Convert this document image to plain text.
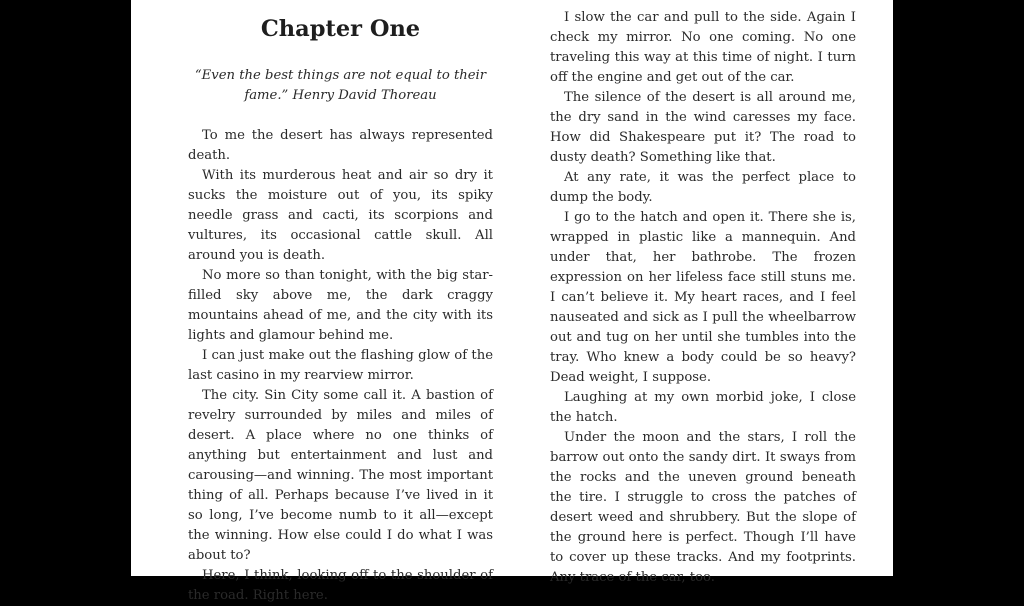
Chapter One
“Even the best things are not equal to their fame.” Henry David Thoreau

To me the desert has always represented death.

With its murderous heat and air so dry it sucks the moisture out of you, its spiky needle grass and cacti, its scorpions and vultures, its occasional cattle skull. All around you is death.

No more so than tonight, with the big star-filled sky above me, the dark craggy mountains ahead of me, and the city with its lights and glamour behind me.

I can just make out the flashing glow of the last casino in my rearview mirror.

The city. Sin City some call it. A bastion of revelry surrounded by miles and miles of desert. A place where no one thinks of anything but entertainment and lust and carousing—and winning. The most important thing of all. Perhaps because I’ve lived in it so long, I’ve become numb to it all—except the winning. How else could I do what I was about to?

Here, I think, looking off to the shoulder of the road. Right here.

I slow the car and pull to the side. Again I check my mirror. No one coming. No one traveling this way at this time of night. I turn off the engine and get out of the car.

The silence of the desert is all around me, the dry sand in the wind caresses my face. How did Shakespeare put it? The road to dusty death? Something like that.

At any rate, it was the perfect place to dump the body.

I go to the hatch and open it. There she is, wrapped in plastic like a mannequin. And under that, her bathrobe. The frozen expression on her lifeless face still stuns me. I can’t believe it. My heart races, and I feel nauseated and sick as I pull the wheelbarrow out and tug on her until she tumbles into the tray. Who knew a body could be so heavy? Dead weight, I suppose.

Laughing at my own morbid joke, I close the hatch.

Under the moon and the stars, I roll the barrow out onto the sandy dirt. It sways from the rocks and the uneven ground beneath the tire. I struggle to cross the patches of desert weed and shrubbery. But the slope of the ground here is perfect. Though I’ll have to cover up these tracks. And my footprints. Any trace of the car, too.
